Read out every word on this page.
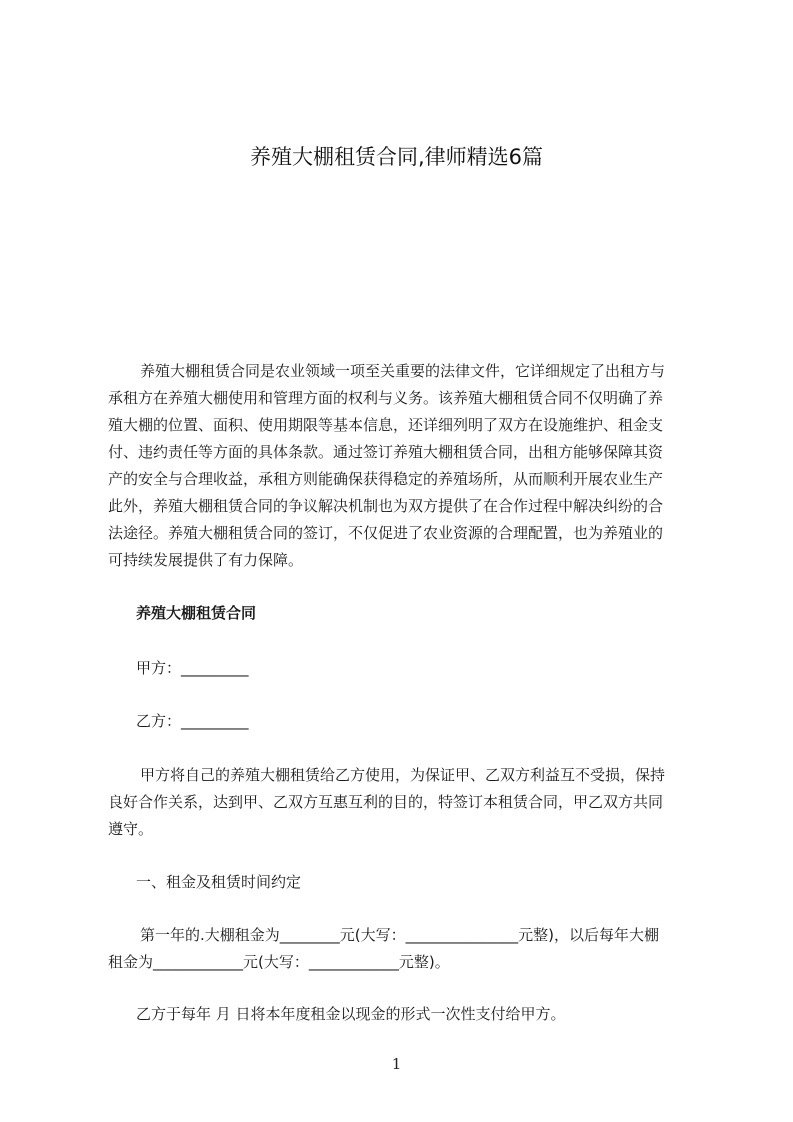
养殖大棚租赁合同,律师精选6篇
养殖大棚租赁合同是农业领域一项至关重要的法律文件，它详细规定了出租方与
承租方在养殖大棚使用和管理方面的权利与义务。该养殖大棚租赁合同不仅明确了养
殖大棚的位置、面积、使用期限等基本信息，还详细列明了双方在设施维护、租金支
付、违约责任等方面的具体条款。通过签订养殖大棚租赁合同，出租方能够保障其资
产的安全与合理收益，承租方则能确保获得稳定的养殖场所，从而顺利开展农业生产
此外，养殖大棚租赁合同的争议解决机制也为双方提供了在合作过程中解决纠纷的合
法途径。养殖大棚租赁合同的签订，不仅促进了农业资源的合理配置，也为养殖业的
可持续发展提供了有力保障。
养殖大棚租赁合同
甲方：_________
乙方：_________
甲方将自己的养殖大棚租赁给乙方使用，为保证甲、乙双方利益互不受损，保持
良好合作关系，达到甲、乙双方互惠互利的目的，特签订本租赁合同，甲乙双方共同
遵守。
一、租金及租赁时间约定
第一年的.大棚租金为________元(大写：_______________元整)，以后每年大棚
租金为____________元(大写：____________元整)。
乙方于每年 月 日将本年度租金以现金的形式一次性支付给甲方。
1
